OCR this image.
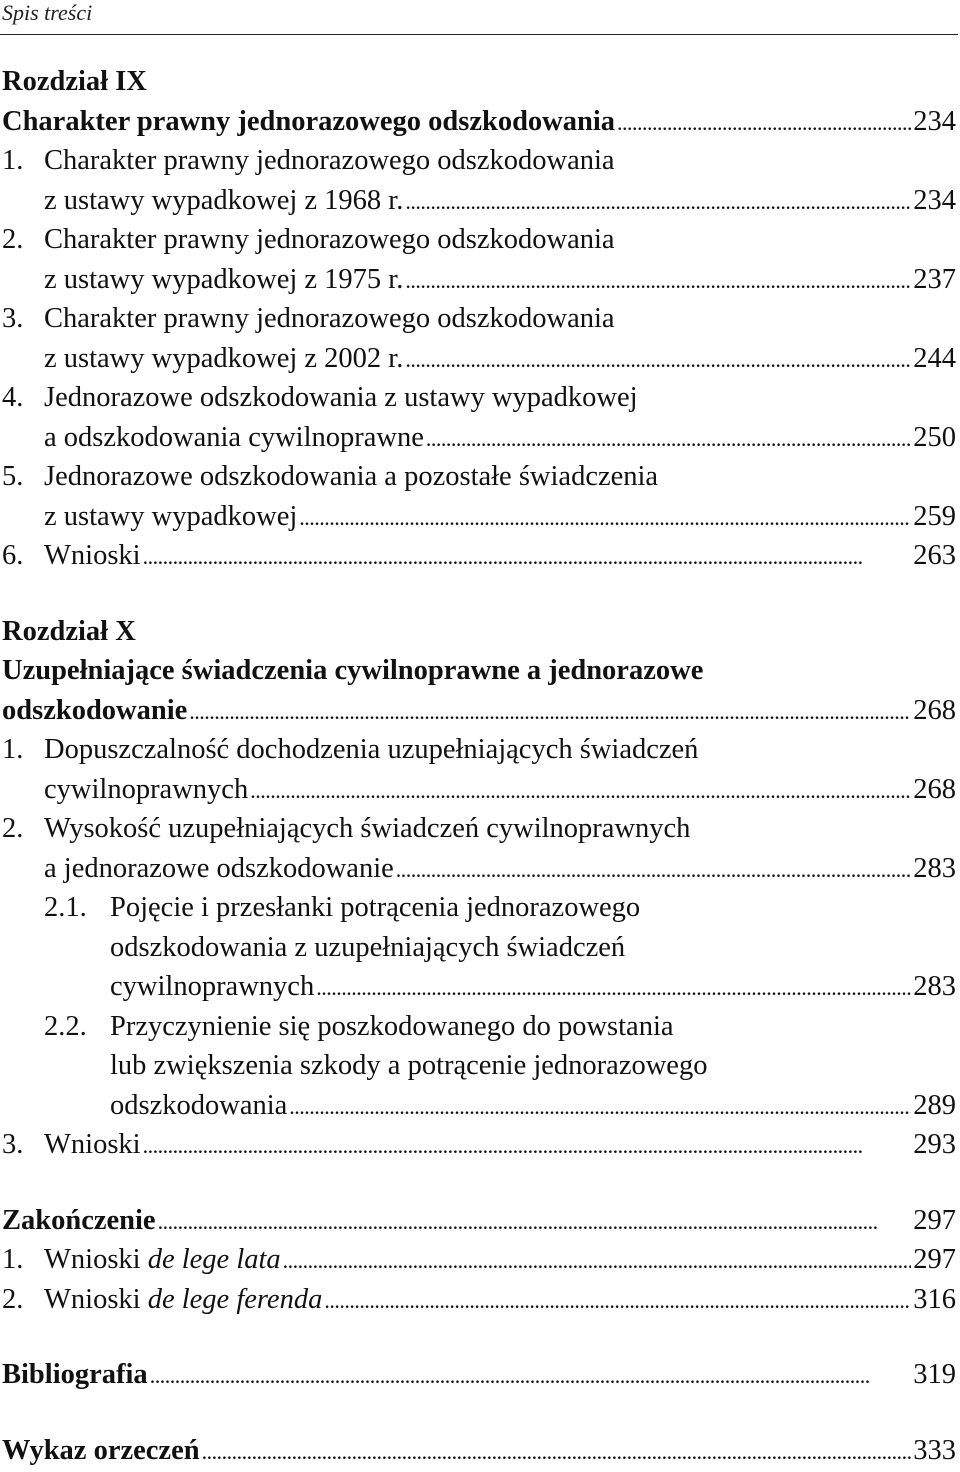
Spis treści
Rozdział IX
Charakter prawny jednorazowego odszkodowania . . .	234
1. Charakter prawny jednorazowego odszkodowania
z ustawy wypadkowej z 1968 r. . . .	234
2. Charakter prawny jednorazowego odszkodowania
z ustawy wypadkowej z 1975 r. . . .	237
3. Charakter prawny jednorazowego odszkodowania
z ustawy wypadkowej z 2002 r. . . .	244
4. Jednorazowe odszkodowania z ustawy wypadkowej
a odszkodowania cywilnoprawne . . .	250
5. Jednorazowe odszkodowania a pozostałe świadczenia
z ustawy wypadkowej . . .	259
6. Wnioski . . .	263
Rozdział X
Uzupełniające świadczenia cywilnoprawne a jednorazowe
odszkodowanie . . .	268
1. Dopuszczalność dochodzenia uzupełniających świadczeń
cywilnoprawnych . . .	268
2. Wysokość uzupełniających świadczeń cywilnoprawnych
a jednorazowe odszkodowanie . . .	283
2.1. Pojęcie i przesłanki potrącenia jednorazowego
odszkodowania z uzupełniających świadczeń
cywilnoprawnych . . .	283
2.2. Przyczynienie się poszkodowanego do powstania
lub zwiększenia szkody a potrącenie jednorazowego
odszkodowania . . .	289
3. Wnioski . . .	293
Zakończenie . . .	297
1. Wnioski de lege lata . . .	297
2. Wnioski de lege ferenda . . .	316
Bibliografia . . .	319
Wykaz orzeczeń . . .	333
